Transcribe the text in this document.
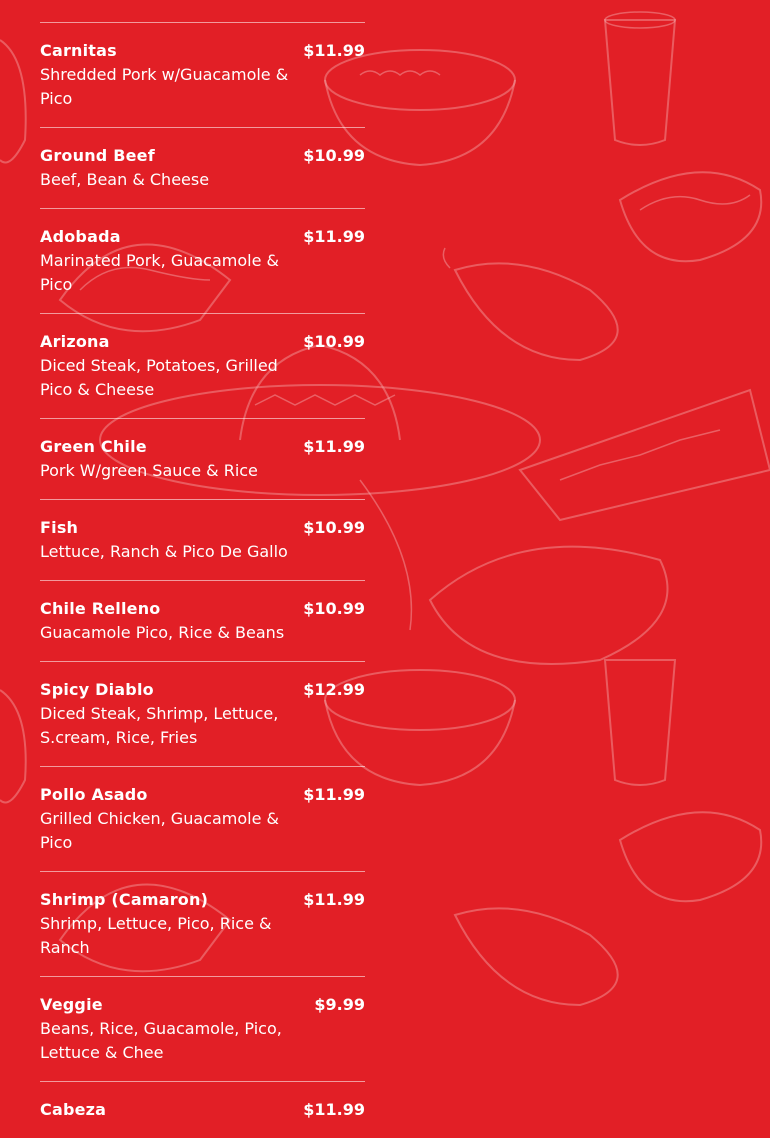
Carnitas	$11.99
Shredded Pork w/Guacamole & Pico
Ground Beef	$10.99
Beef, Bean & Cheese
Adobada	$11.99
Marinated Pork, Guacamole & Pico
Arizona	$10.99
Diced Steak, Potatoes, Grilled Pico & Cheese
Green Chile	$11.99
Pork W/green Sauce & Rice
Fish	$10.99
Lettuce, Ranch & Pico De Gallo
Chile Relleno	$10.99
Guacamole Pico, Rice & Beans
Spicy Diablo	$12.99
Diced Steak, Shrimp, Lettuce, S.cream, Rice, Fries
Pollo Asado	$11.99
Grilled Chicken, Guacamole & Pico
Shrimp (Camaron)	$11.99
Shrimp, Lettuce, Pico, Rice & Ranch
Veggie	$9.99
Beans, Rice, Guacamole, Pico, Lettuce & Chee
Cabeza	$11.99
